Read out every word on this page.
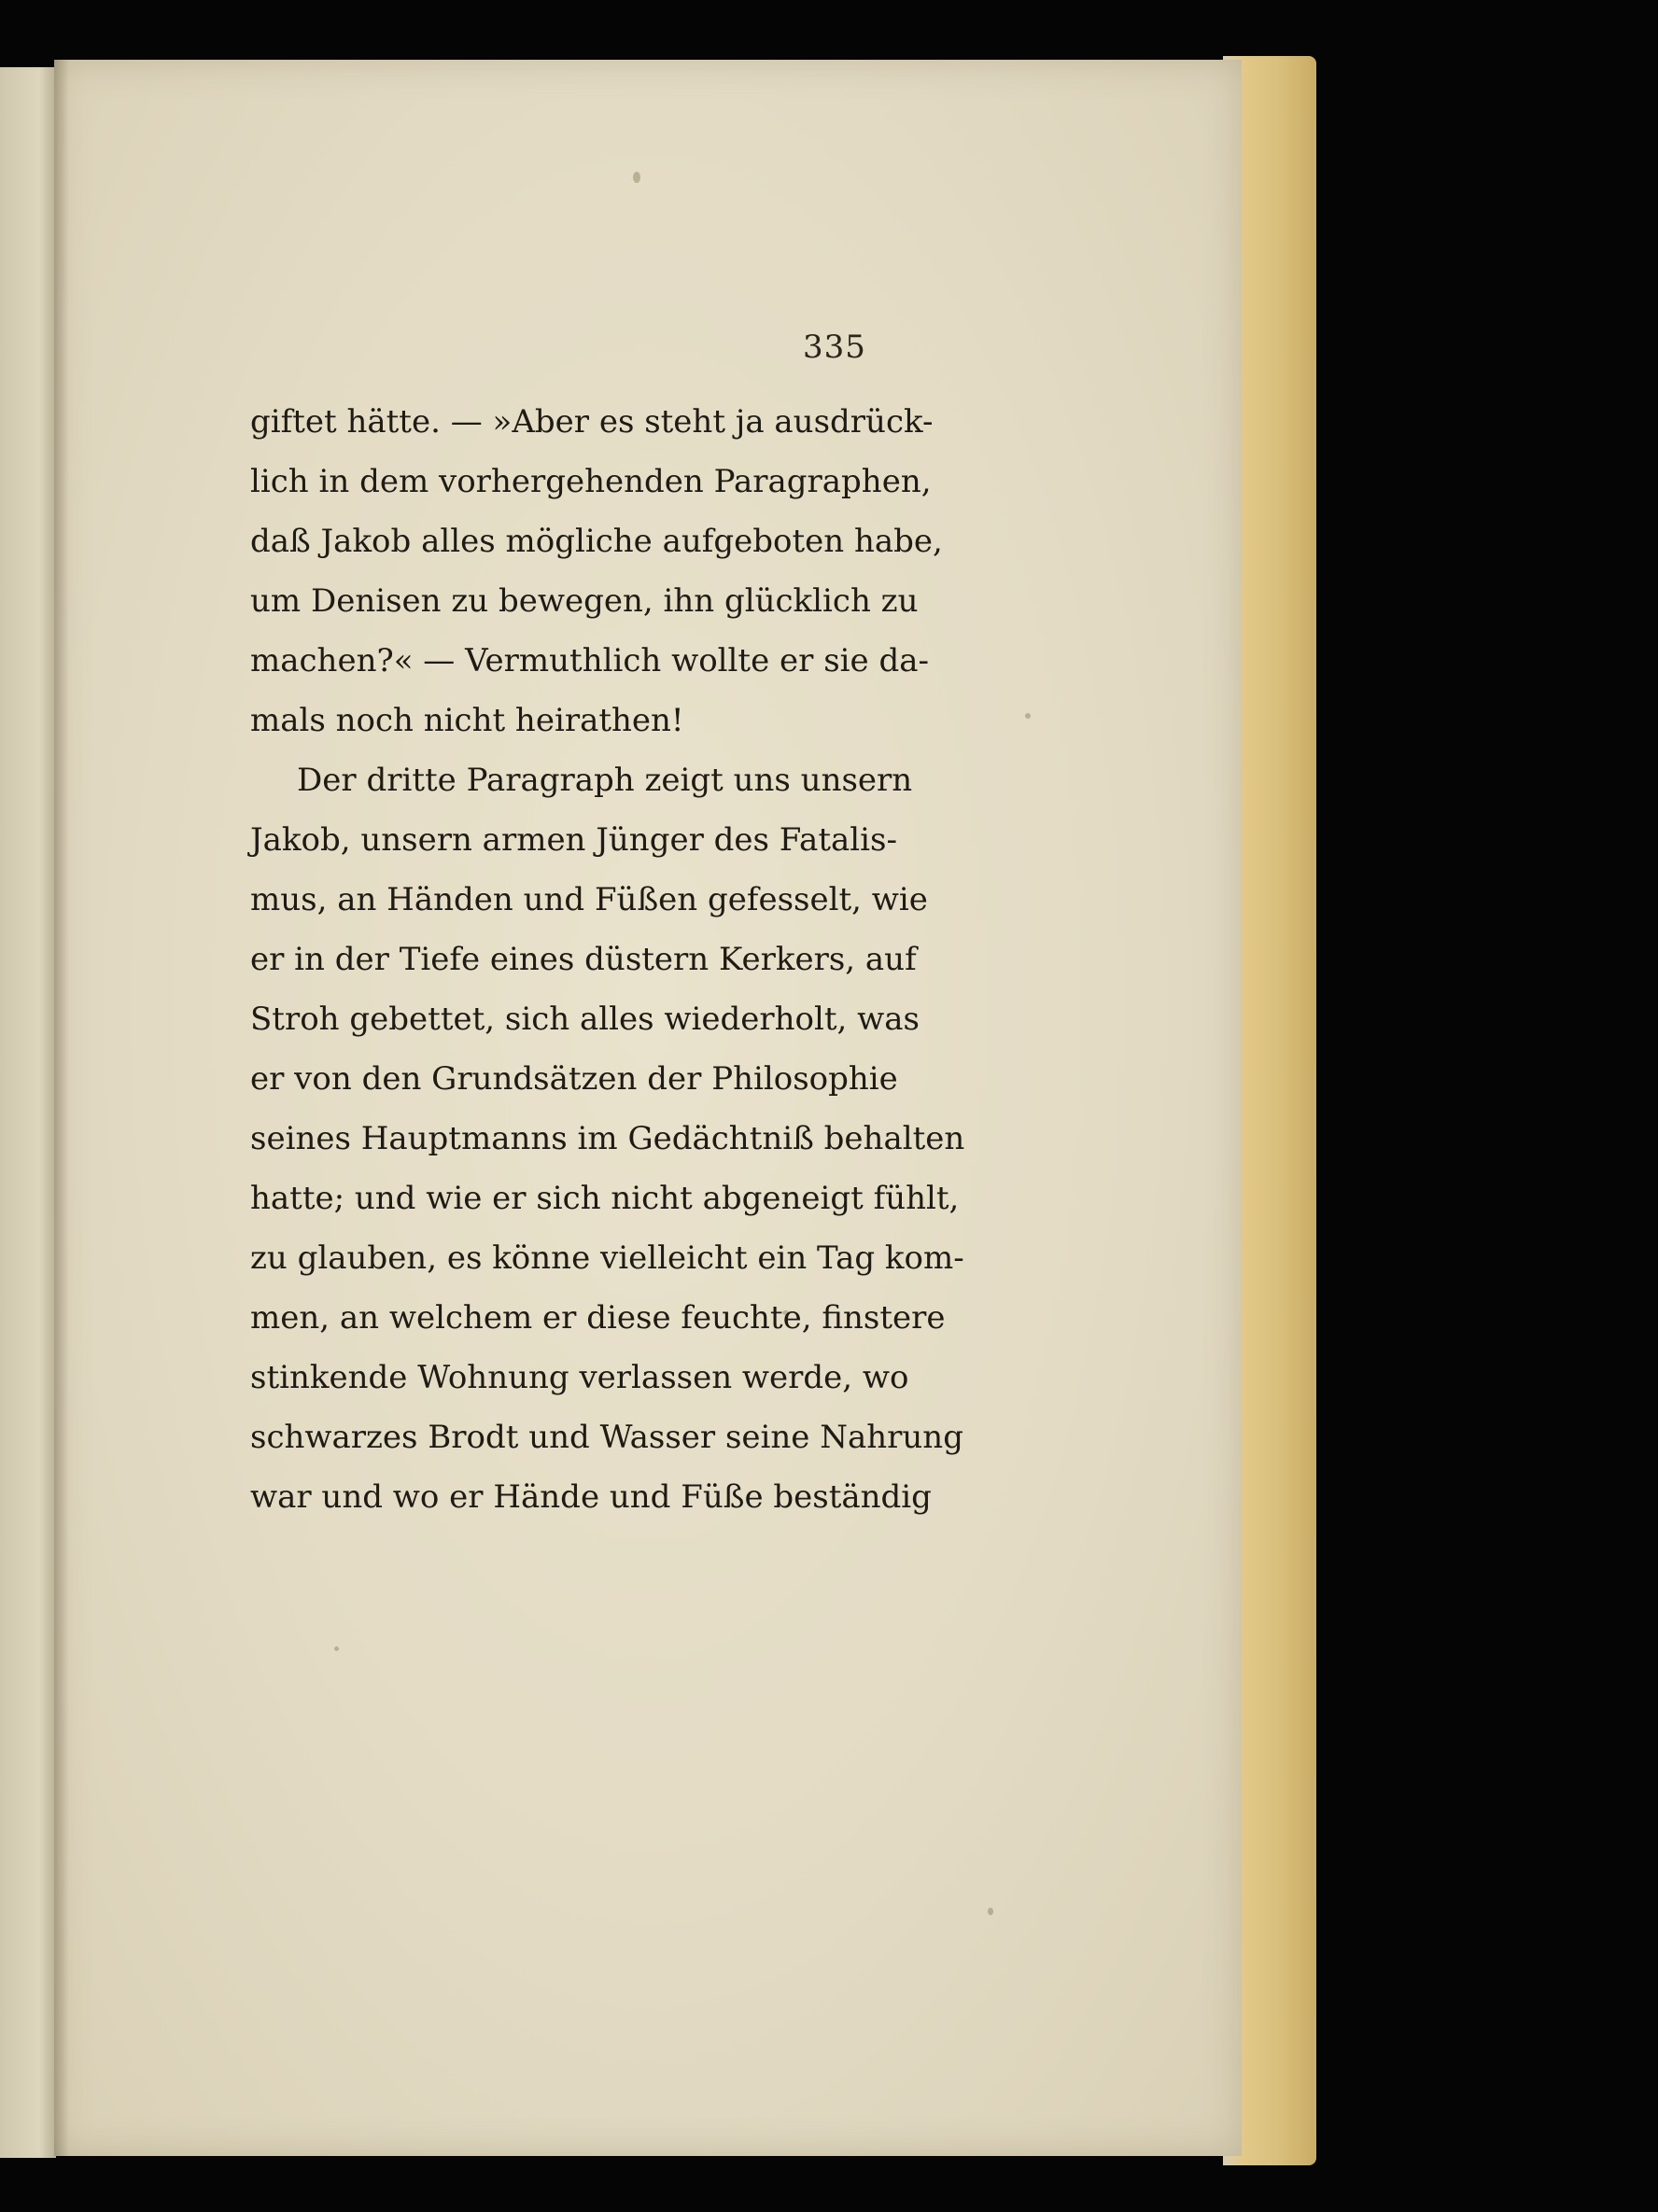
335
giftet hätte. — »Aber es steht ja ausdrück-
lich in dem vorhergehenden Paragraphen,
daß Jakob alles mögliche aufgeboten habe,
um Denisen zu bewegen, ihn glücklich zu
machen?« — Vermuthlich wollte er sie da-
mals noch nicht heirathen!
Der dritte Paragraph zeigt uns unsern
Jakob, unsern armen Jünger des Fatalis-
mus, an Händen und Füßen gefesselt, wie
er in der Tiefe eines düstern Kerkers, auf
Stroh gebettet, sich alles wiederholt, was
er von den Grundsätzen der Philosophie
seines Hauptmanns im Gedächtniß behalten
hatte; und wie er sich nicht abgeneigt fühlt,
zu glauben, es könne vielleicht ein Tag kom-
men, an welchem er diese feuchte, finstere
stinkende Wohnung verlassen werde, wo
schwarzes Brodt und Wasser seine Nahrung
war und wo er Hände und Füße beständig
